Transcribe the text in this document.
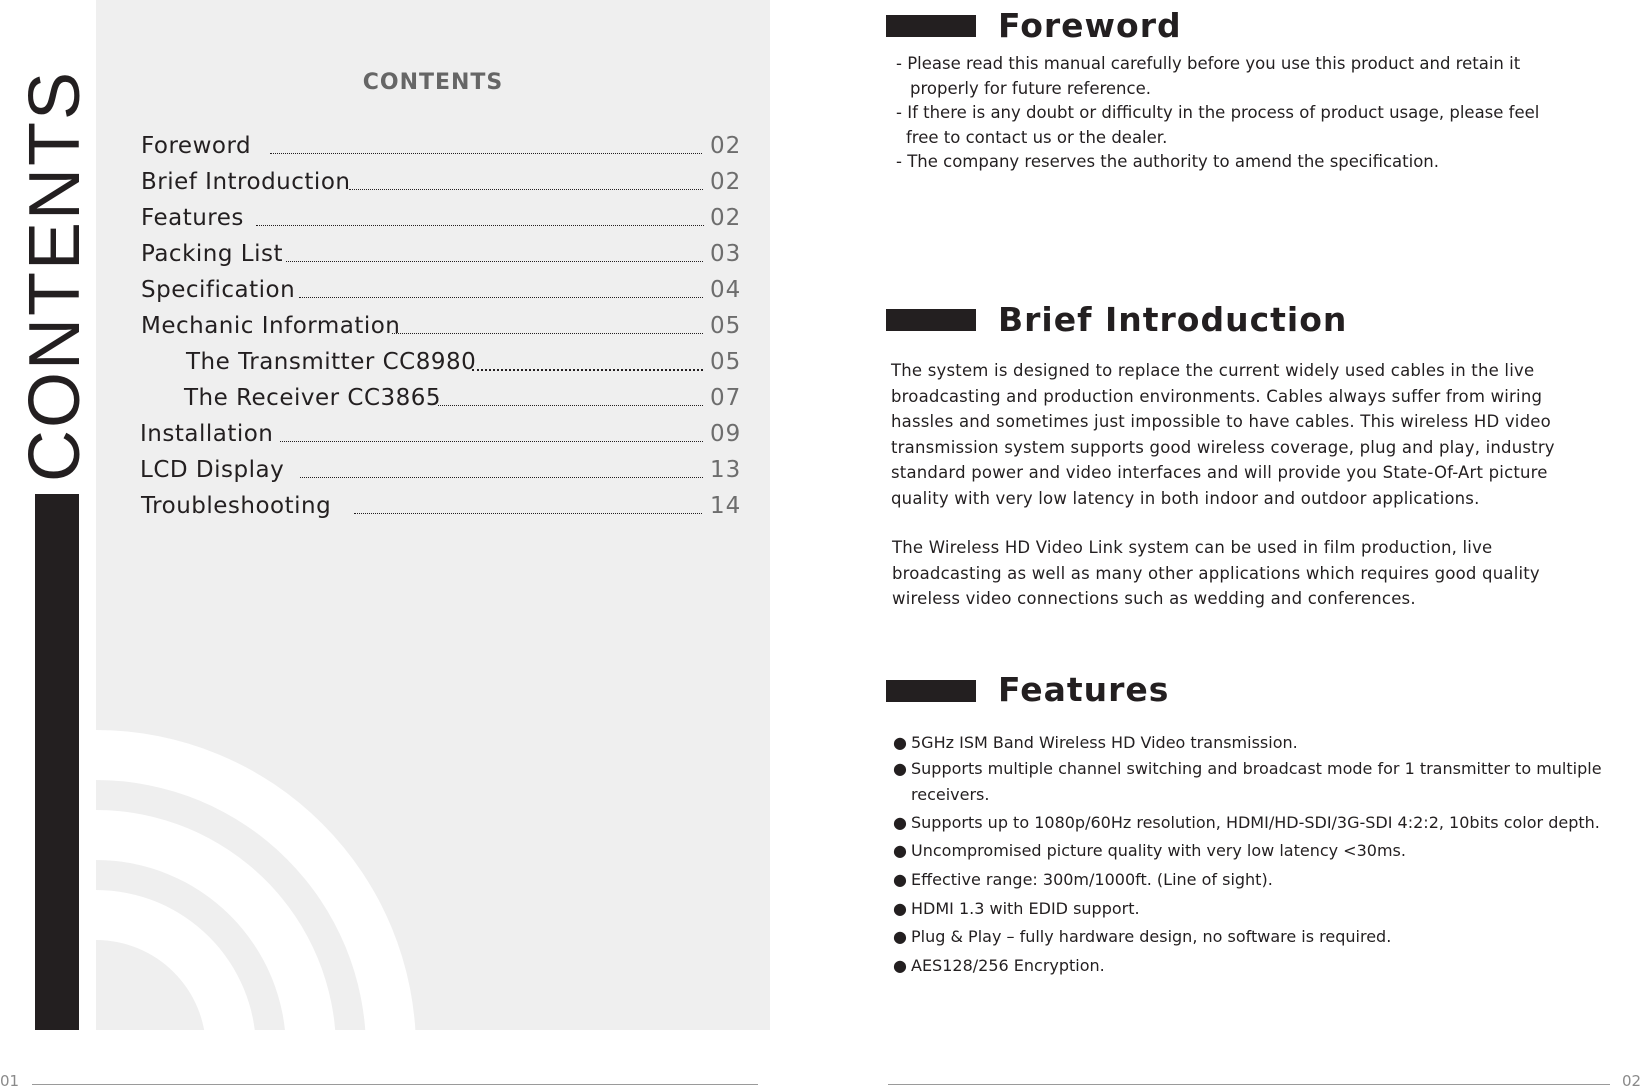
CONTENTS	CONTENTS
Foreword	02
Brief Introduction	02
Features	02
Packing List	03
Specification	04
Mechanic Information	05
The Transmitter CC8980	05
The Receiver CC3865	07
Installation	09
LCD Display	13
Troubleshooting	14
01
Foreword
- Please read this manual carefully before you use this product and retain it
properly for future reference.
- If there is any doubt or difficulty in the process of product usage, please feel
free to contact us or the dealer.
- The company reserves the authority to amend the specification.
Brief Introduction
The system is designed to replace the current widely used cables in the live broadcasting and production environments. Cables always suffer from wiring hassles and sometimes just impossible to have cables. This wireless HD video transmission system supports good wireless coverage, plug and play, industry standard power and video interfaces and will provide you State-Of-Art picture quality with very low latency in both indoor and outdoor applications.
The Wireless HD Video Link system can be used in film production, live broadcasting as well as many other applications which requires good quality wireless video connections such as wedding and conferences.
Features
● 5GHz ISM Band Wireless HD Video transmission.
● Supports multiple channel switching and broadcast mode for 1 transmitter to multiple
receivers.
● Supports up to 1080p/60Hz resolution, HDMI/HD-SDI/3G-SDI 4:2:2, 10bits color depth.
● Uncompromised picture quality with very low latency <30ms.
● Effective range: 300m/1000ft. (Line of sight).
● HDMI 1.3 with EDID support.
● Plug & Play – fully hardware design, no software is required.
● AES128/256 Encryption.
02
